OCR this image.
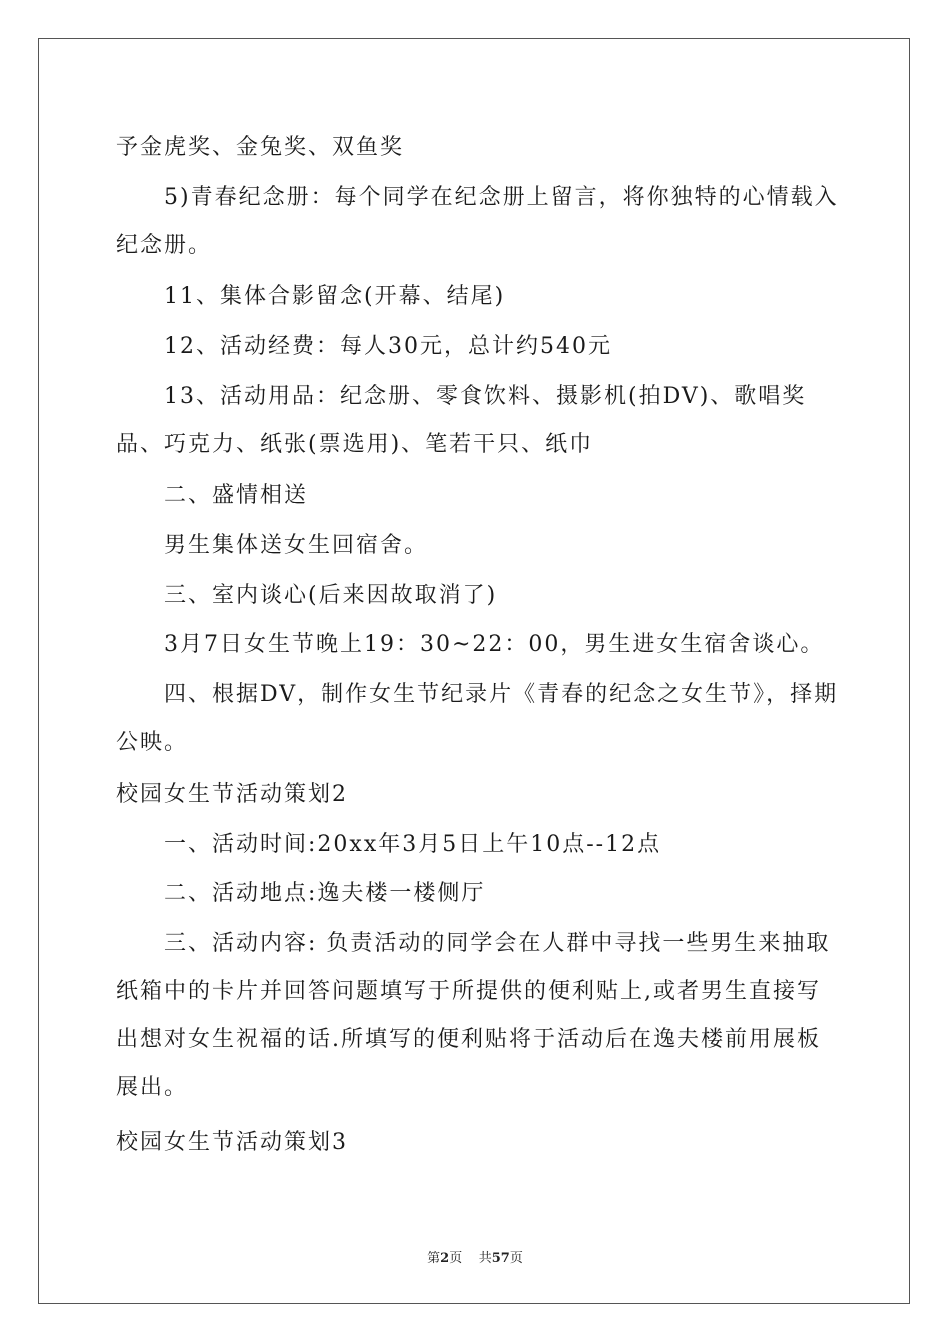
予金虎奖、金兔奖、双鱼奖
5)青春纪念册：每个同学在纪念册上留言，将你独特的心情载入纪念册。
11、集体合影留念(开幕、结尾)
12、活动经费：每人30元，总计约540元
13、活动用品：纪念册、零食饮料、摄影机(拍DV)、歌唱奖品、巧克力、纸张(票选用)、笔若干只、纸巾
二、盛情相送
男生集体送女生回宿舍。
三、室内谈心(后来因故取消了)
3月7日女生节晚上19：30~22：00，男生进女生宿舍谈心。
四、根据DV，制作女生节纪录片《青春的纪念之女生节》，择期公映。
校园女生节活动策划2
一、活动时间:20xx年3月5日上午10点--12点
二、活动地点:逸夫楼一楼侧厅
三、活动内容: 负责活动的同学会在人群中寻找一些男生来抽取纸箱中的卡片并回答问题填写于所提供的便利贴上,或者男生直接写出想对女生祝福的话.所填写的便利贴将于活动后在逸夫楼前用展板展出。
校园女生节活动策划3
第2页 共57页
